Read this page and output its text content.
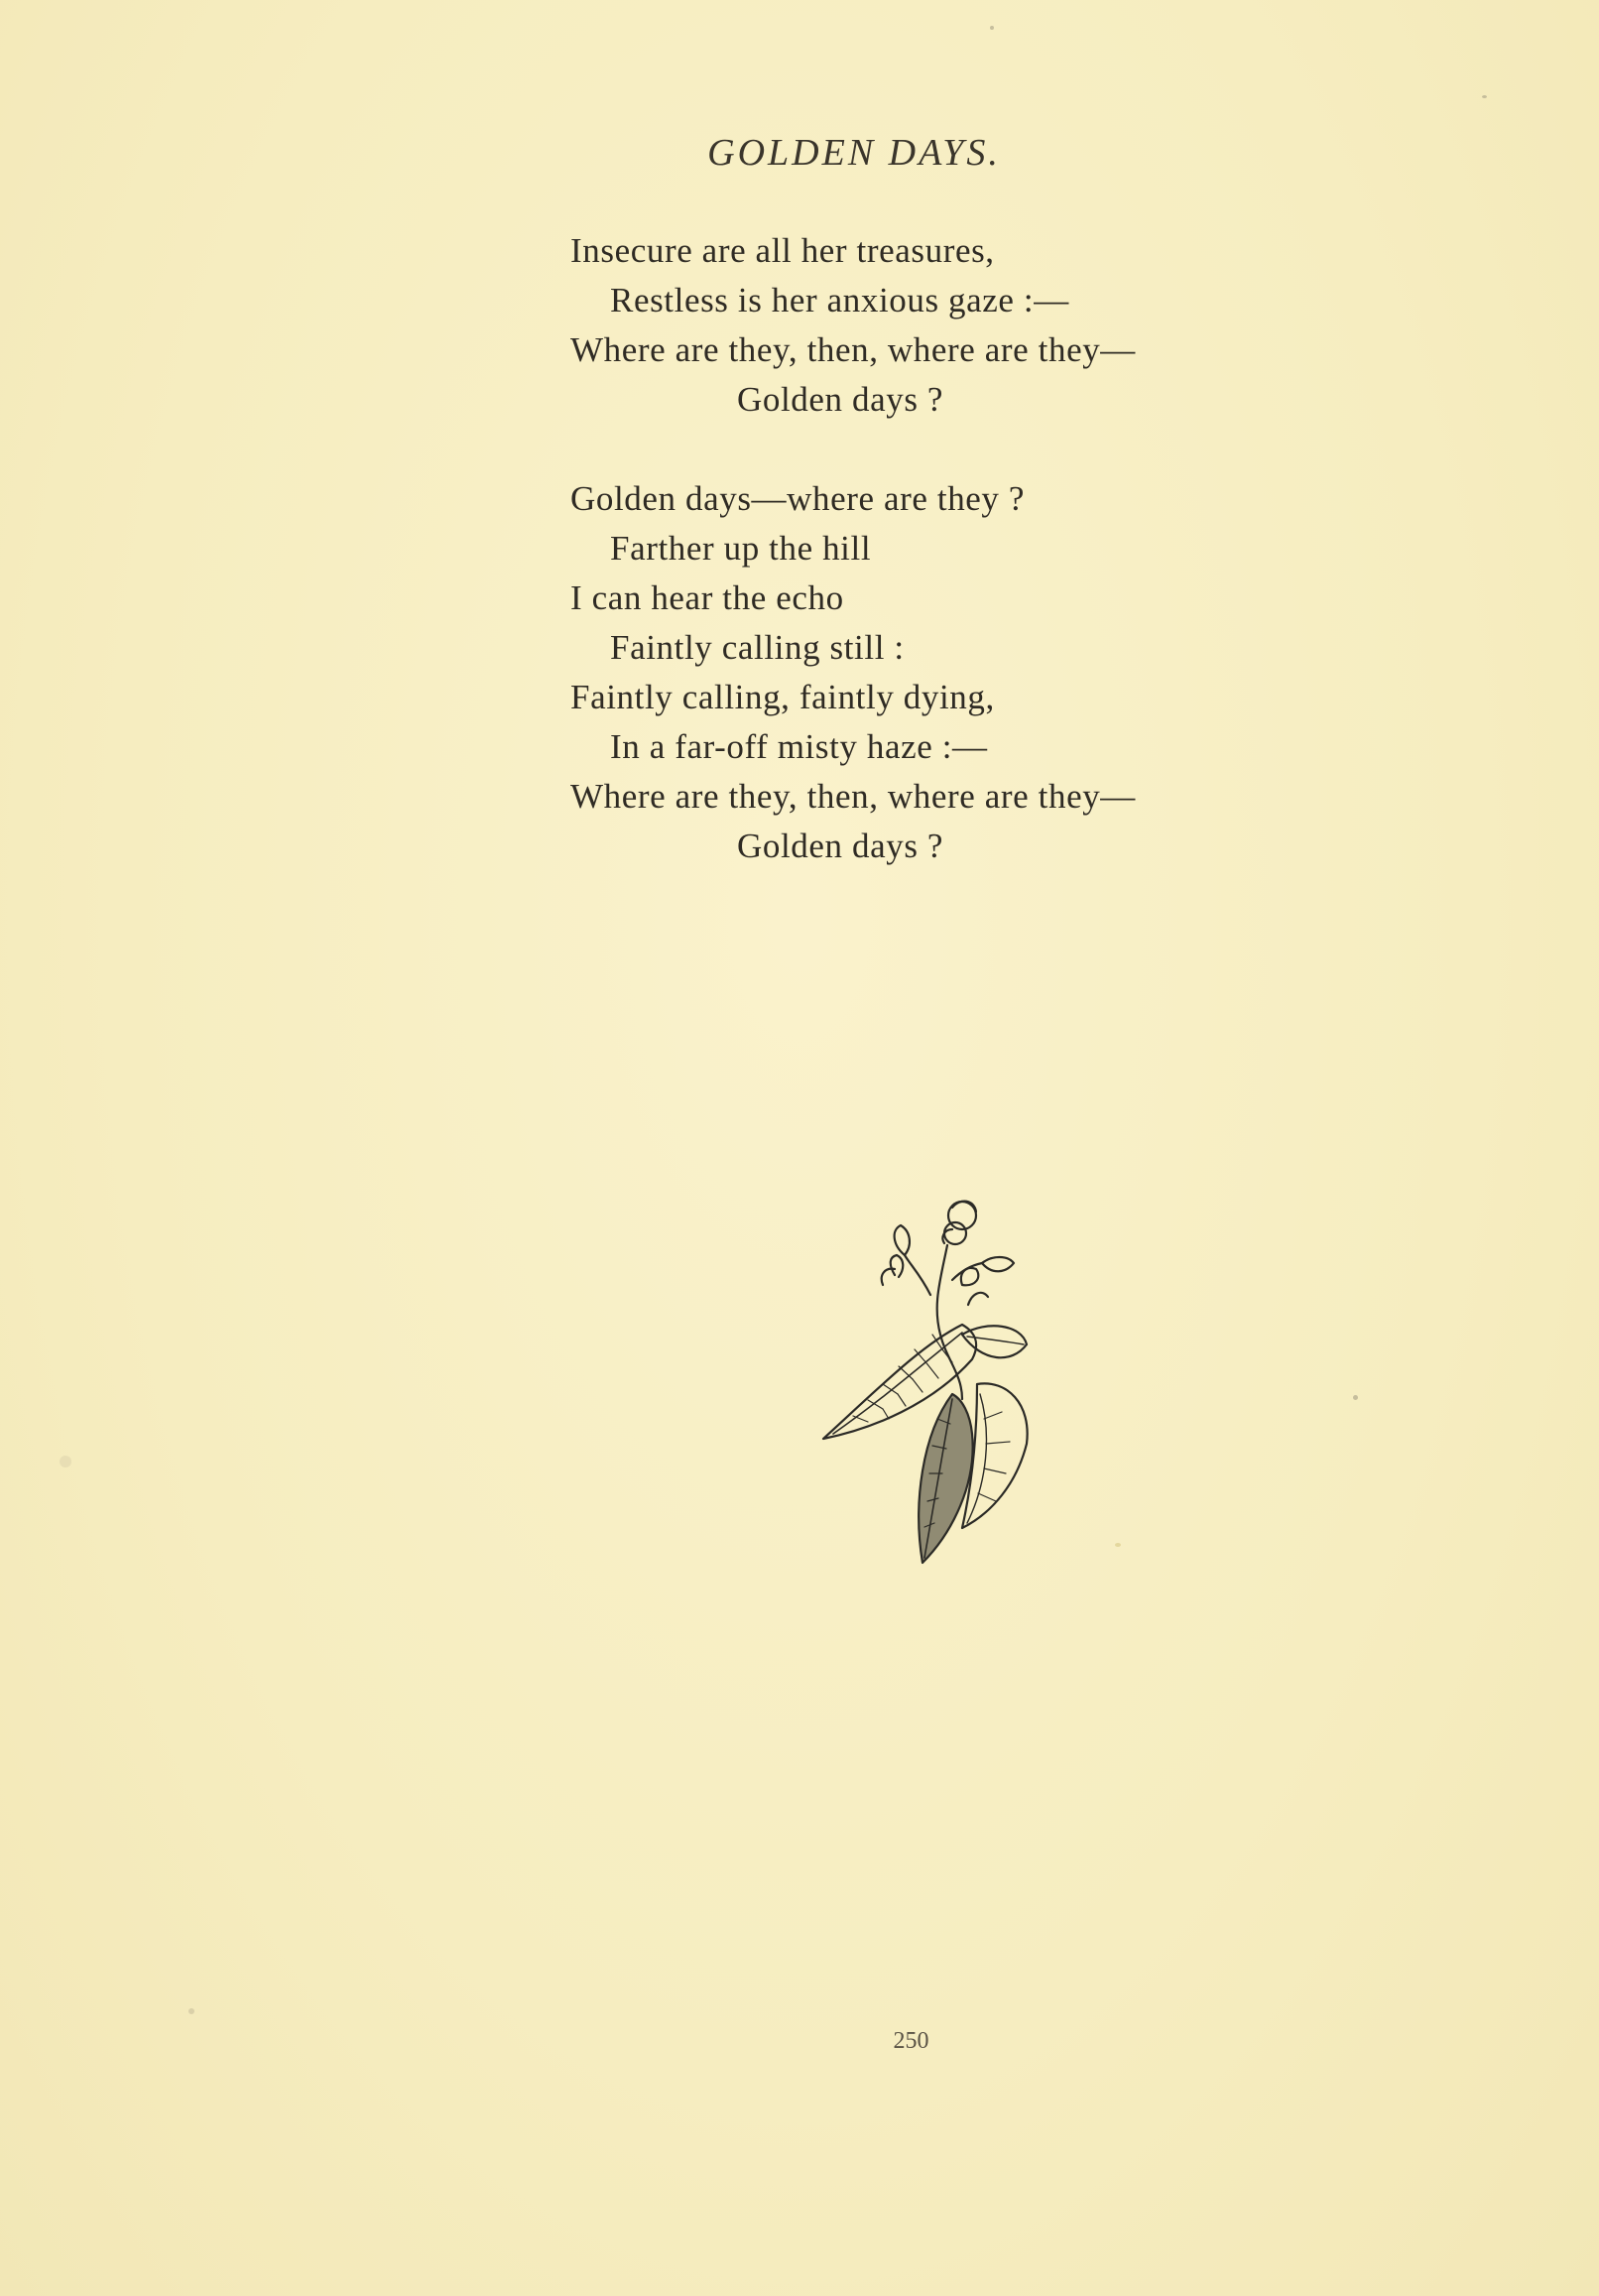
GOLDEN DAYS.
Insecure are all her treasures,
Restless is her anxious gaze :—
Where are they, then, where are they—
Golden days ?
Golden days—where are they ?
Farther up the hill
I can hear the echo
Faintly calling still :
Faintly calling, faintly dying,
In a far-off misty haze :—
Where are they, then, where are they—
Golden days ?
250
